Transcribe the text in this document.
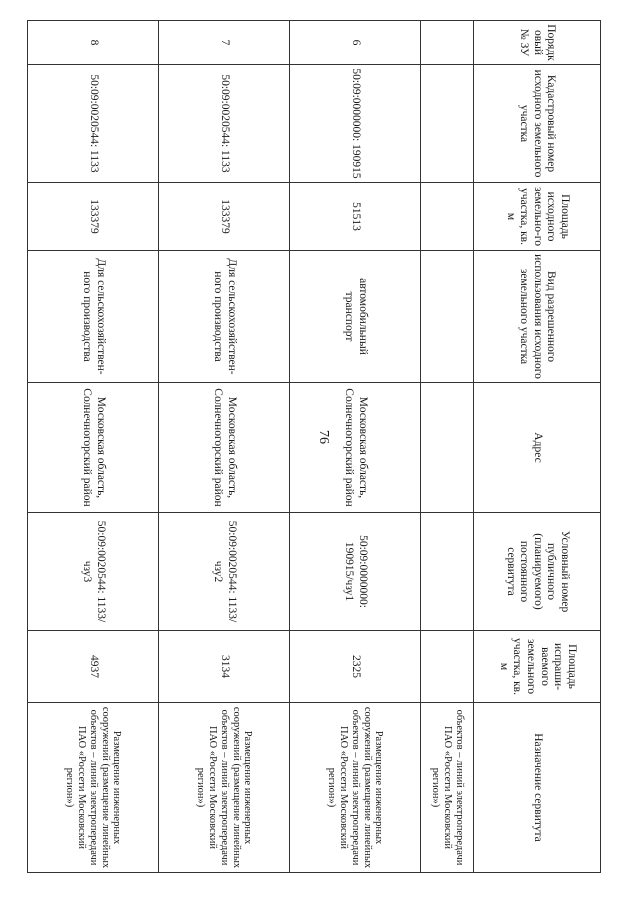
76
Порядковый № ЗУ	Кадастровый номер исходного земельного участка	Площадь исходного земельно-го участка, кв. м	Вид разрешенного использования исходного земельного участка	Адрес	Условный номер публичного (планируемого) постоянного сервитута	Площадь испраши-ваемого земельного участка, кв. м	Назначение сервитута
							объектов – линий электропередачи ПАО «Россети Московский регион»)
6	50:09:0000000: 190915	51513	автомобильный транспорт	Московская область, Солнечногорский район	50:09:0000000: 190915/чзу1	2325	Размещение инженерных сооружений (размещение линейных объектов – линий электропередачи ПАО «Россети Московский регион»)
7	50:09:0020544: 1133	133379	Для сельскохозяйствен-ного производства	Московская область, Солнечногорский район	50:09:0020544: 1133/чзу2	3134	Размещение инженерных сооружений (размещение линейных объектов – линий электропередачи ПАО «Россети Московский регион»)
8	50:09:0020544: 1133	133379	Для сельскохозяйствен-ного производства	Московская область, Солнечногорский район	50:09:0020544: 1133/чзу3	4937	Размещение инженерных сооружений (размещение линейных объектов – линий электропередачи ПАО «Россети Московский регион»)
